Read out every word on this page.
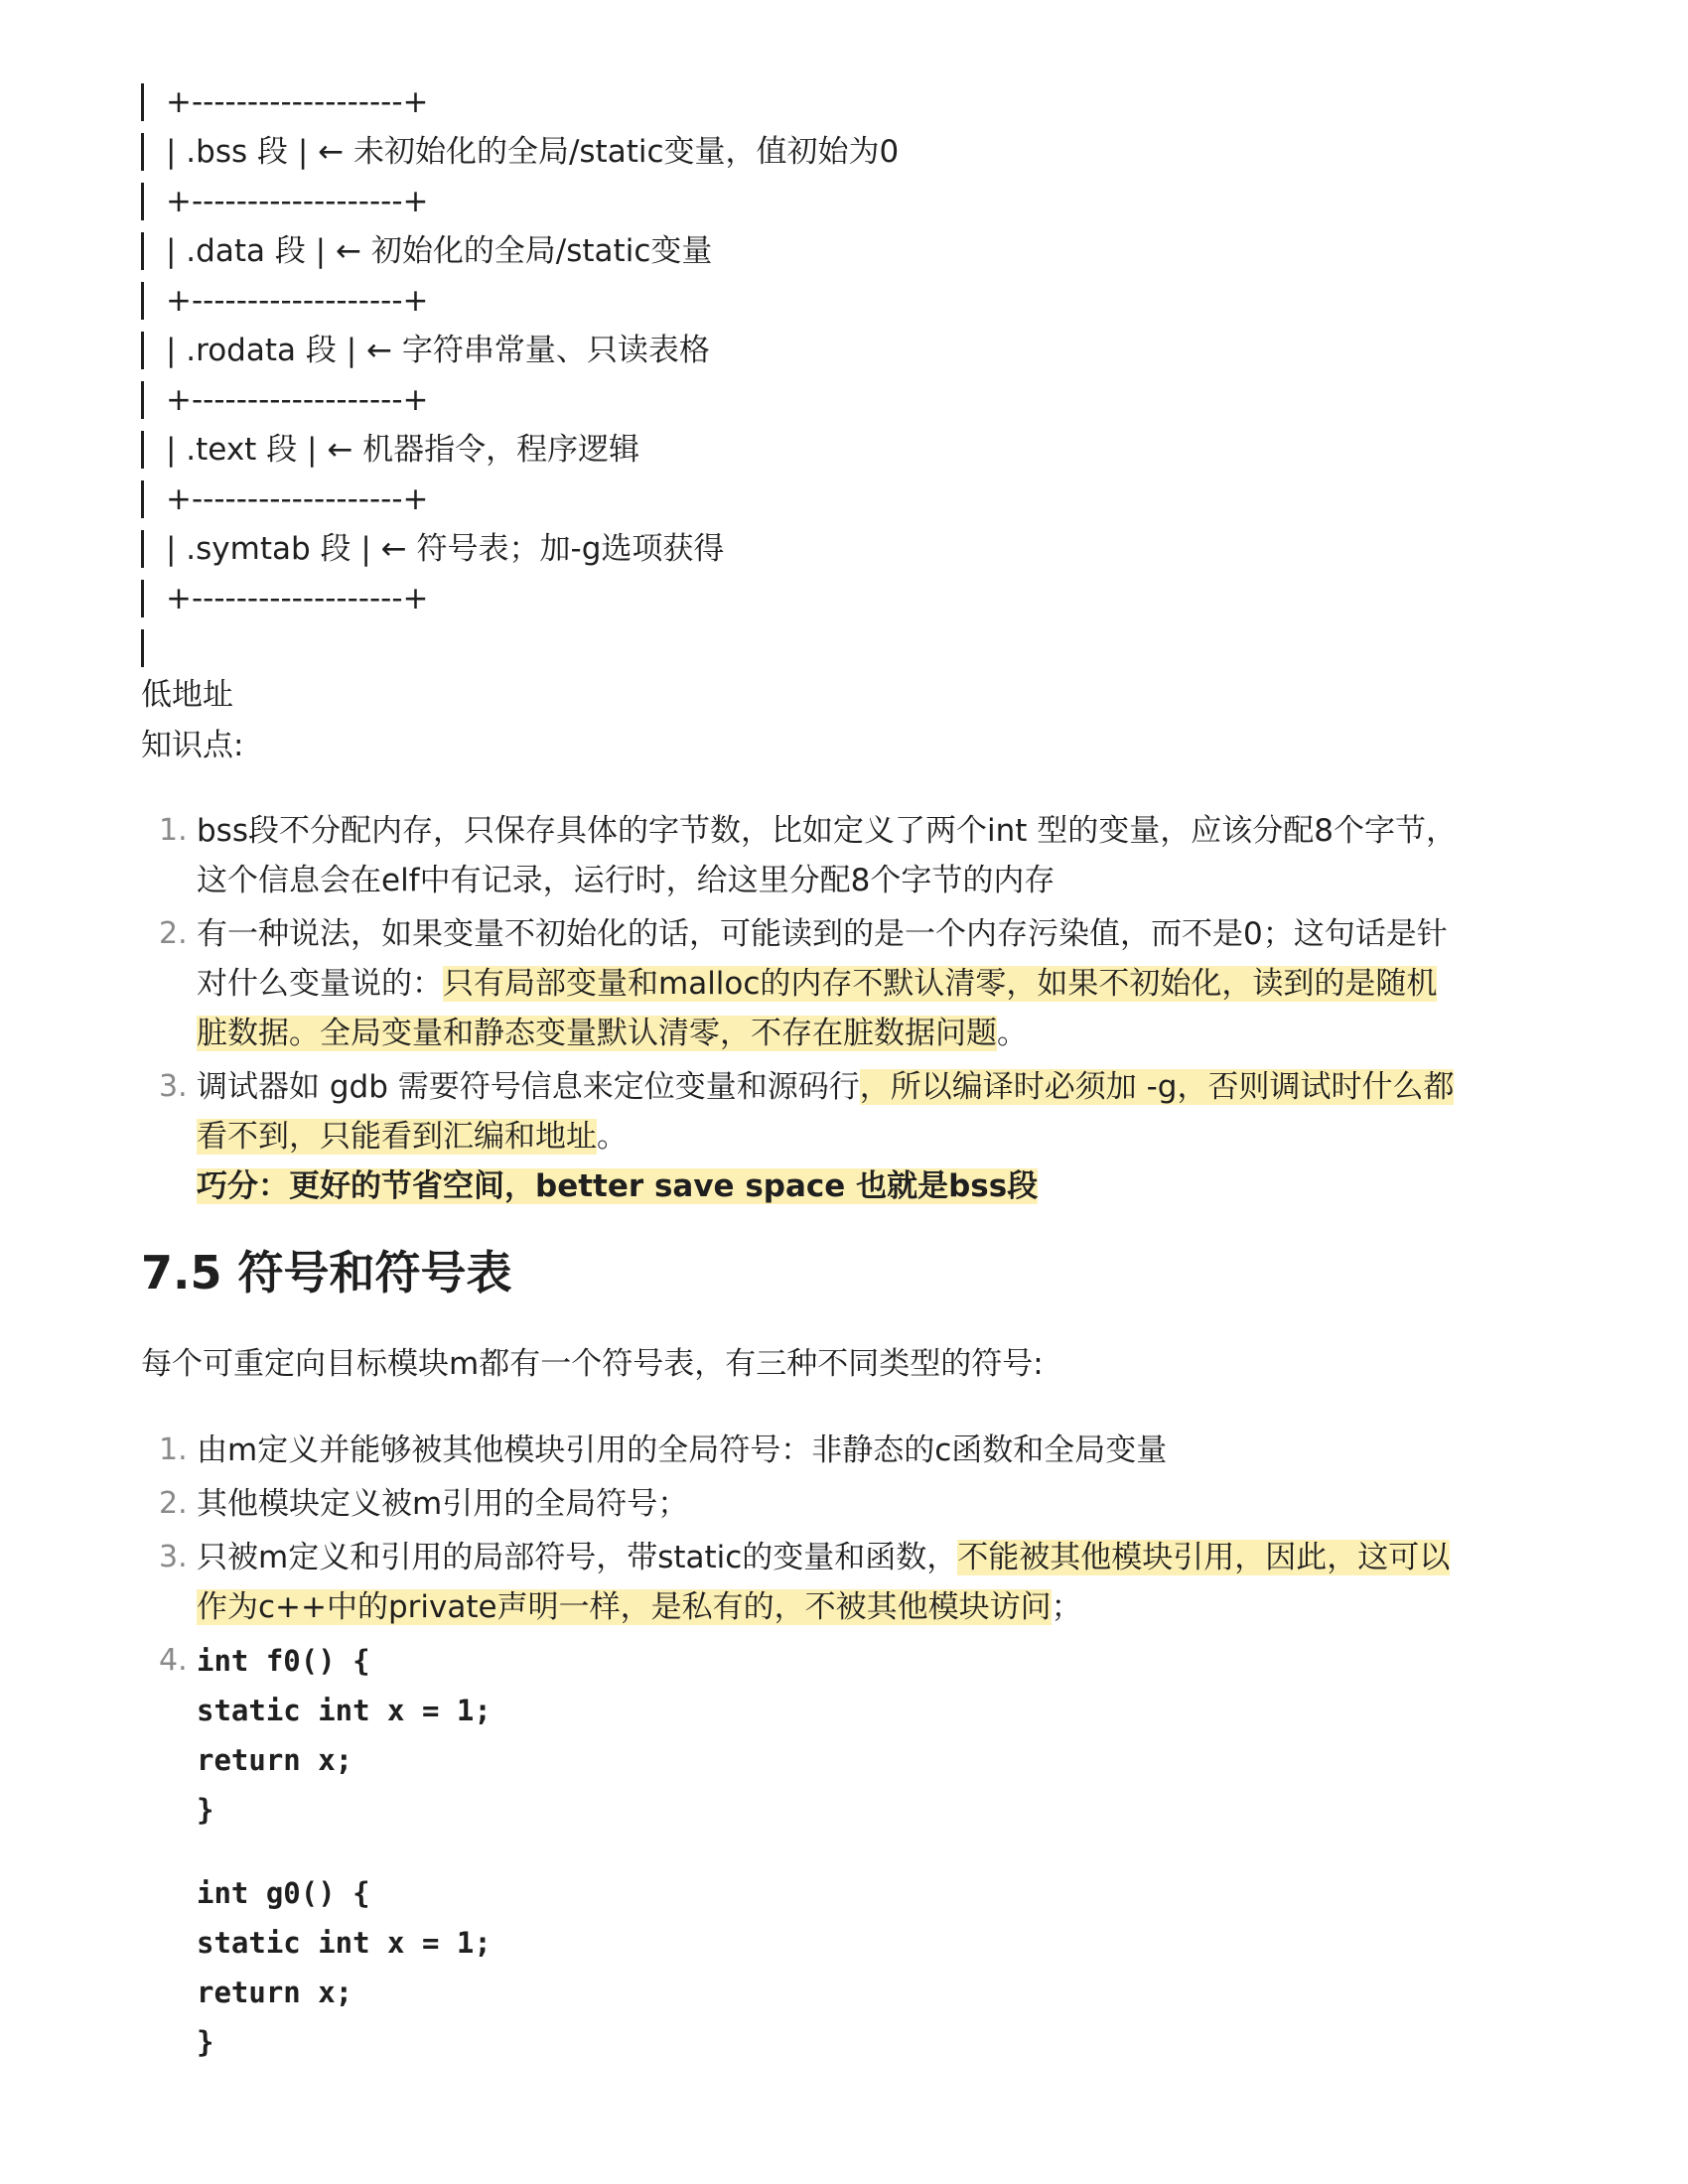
+-------------------+
| .bss 段 | ← 未初始化的全局/static变量，值初始为0
+-------------------+
| .data 段 | ← 初始化的全局/static变量
+-------------------+
| .rodata 段 | ← 字符串常量、只读表格
+-------------------+
| .text 段 | ← 机器指令，程序逻辑
+-------------------+
| .symtab 段 | ← 符号表；加-g选项获得
+-------------------+
低地址
知识点:
1. bss段不分配内存，只保存具体的字节数，比如定义了两个int 型的变量，应该分配8个字节，
这个信息会在elf中有记录，运行时，给这里分配8个字节的内存
2. 有一种说法，如果变量不初始化的话，可能读到的是一个内存污染值，而不是0；这句话是针
对什么变量说的：只有局部变量和malloc的内存不默认清零，如果不初始化，读到的是随机
脏数据。全局变量和静态变量默认清零，不存在脏数据问题。
3. 调试器如 gdb 需要符号信息来定位变量和源码行，所以编译时必须加 -g，否则调试时什么都
看不到，只能看到汇编和地址。
巧分：更好的节省空间，better save space 也就是bss段
7.5 符号和符号表
每个可重定向目标模块m都有一个符号表，有三种不同类型的符号:
1. 由m定义并能够被其他模块引用的全局符号：非静态的c函数和全局变量
2. 其他模块定义被m引用的全局符号；
3. 只被m定义和引用的局部符号，带static的变量和函数，不能被其他模块引用，因此，这可以
作为c++中的private声明一样，是私有的，不被其他模块访问；
4. int f0() {
static int x = 1;
return x;
}
int g0() {
static int x = 1;
return x;
}
